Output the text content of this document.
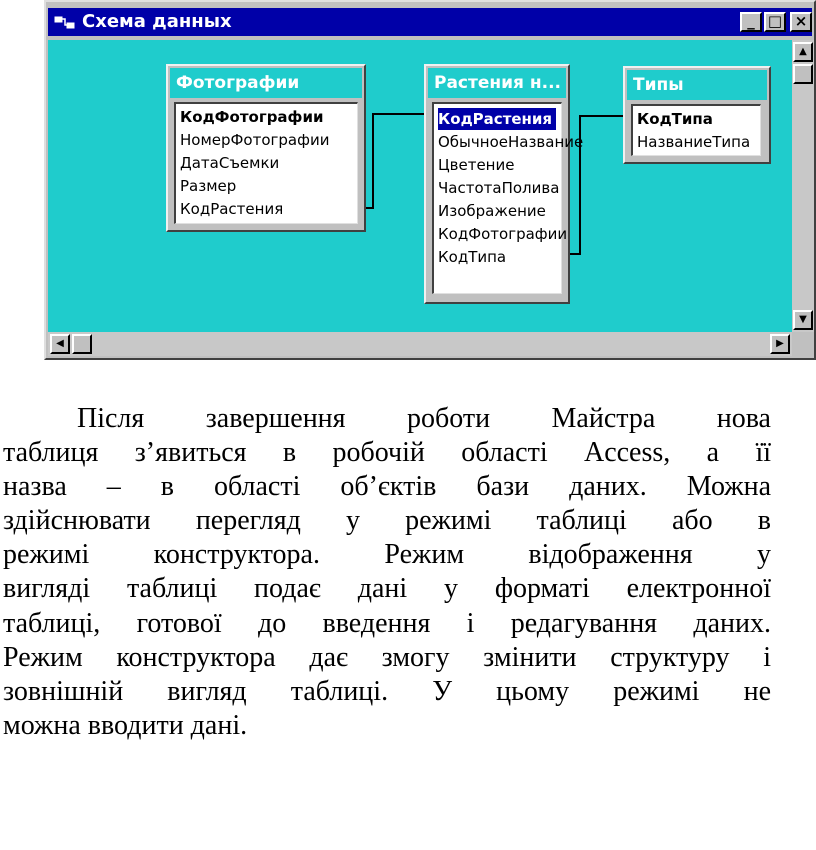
Схема данных	_ □ ×
Фотографии
КодФотографии
НомерФотографии
ДатаСъемки
Размер
КодРастения
Растения н...
КодРастения
ОбычноеНазвание
Цветение
ЧастотаПолива
Изображение
КодФотографии
КодТипа
Типы
КодТипа
НазваниеТипа
▲
▼
◀	▶
Після завершення роботи Майстра нова
таблиця з’явиться в робочій області Access, а її
назва – в області об’єктів бази даних. Можна
здійснювати перегляд у режимі таблиці або в
режимі конструктора. Режим відображення у
вигляді таблиці подає дані у форматі електронної
таблиці, готової до введення і редагування даних.
Режим конструктора дає змогу змінити структуру і
зовнішній вигляд таблиці. У цьому режимі не
можна вводити дані.
